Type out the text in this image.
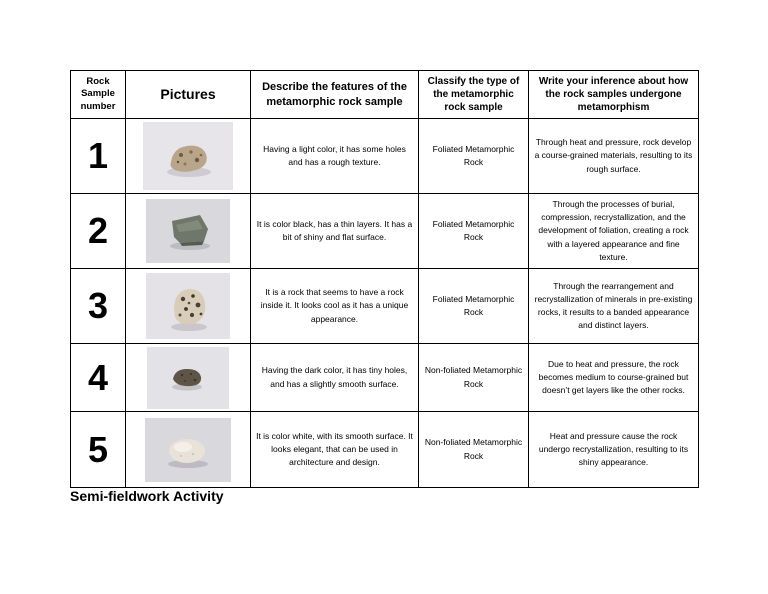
Rock Sample number	Pictures	Describe the features of the metamorphic rock sample	Classify the type of the metamorphic rock sample	Write your inference about how the rock samples undergone metamorphism
1		Having a light color, it has some holes and has a rough texture.	Foliated Metamorphic Rock	Through heat and pressure, rock develop a course-grained materials, resulting to its rough surface.
2		It is color black, has a thin layers. It has a bit of shiny and flat surface.	Foliated Metamorphic Rock	Through the processes of burial, compression, recrystallization, and the development of foliation, creating a rock with a layered appearance and fine texture.
3		It is a rock that seems to have a rock inside it. It looks cool as it has a unique appearance.	Foliated Metamorphic Rock	Through the rearrangement and recrystallization of minerals in pre-existing rocks, it results to a banded appearance and distinct layers.
4		Having the dark color, it has tiny holes, and has a slightly smooth surface.	Non-foliated Metamorphic Rock	Due to heat and pressure, the rock becomes medium to course-grained but doesn’t get layers like the other rocks.
5		It is color white, with its smooth surface. It looks elegant, that can be used in architecture and design.	Non-foliated Metamorphic Rock	Heat and pressure cause the rock undergo recrystallization, resulting to its shiny appearance.
Semi-fieldwork Activity
